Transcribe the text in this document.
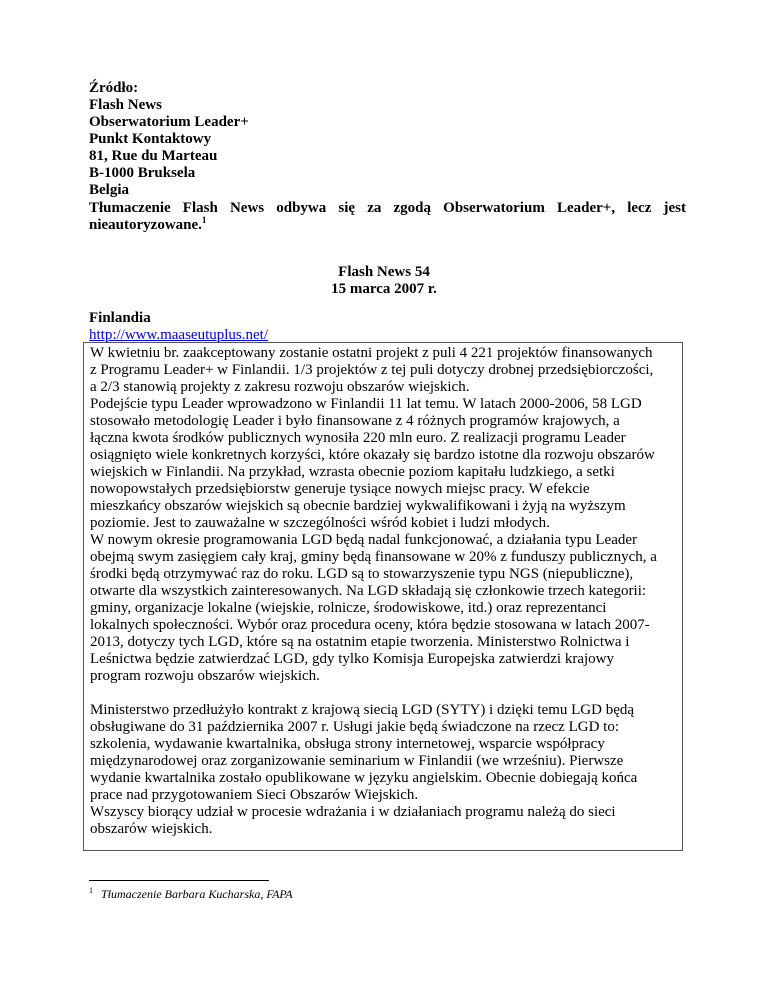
Źródło:
Flash News
Obserwatorium Leader+
Punkt Kontaktowy
81, Rue du Marteau
B-1000 Bruksela
Belgia
Tłumaczenie Flash News odbywa się za zgodą Obserwatorium Leader+, lecz jest nieautoryzowane.$^1$
Flash News 54
15 marca 2007 r.
Finlandia
http://www.maaseutuplus.net/

W kwietniu br. zaakceptowany zostanie ostatni projekt z puli 4 221 projektów finansowanych
z Programu Leader+ w Finlandii. 1/3 projektów z tej puli dotyczy drobnej przedsiębiorczości,
a 2/3 stanowią projekty z zakresu rozwoju obszarów wiejskich.
Podejście typu Leader wprowadzono w Finlandii 11 lat temu. W latach 2000-2006, 58 LGD
stosowało metodologię Leader i było finansowane z 4 różnych programów krajowych, a
łączna kwota środków publicznych wynosiła 220 mln euro. Z realizacji programu Leader
osiągnięto wiele konkretnych korzyści, które okazały się bardzo istotne dla rozwoju obszarów
wiejskich w Finlandii. Na przykład, wzrasta obecnie poziom kapitału ludzkiego, a setki
nowopowstałych przedsiębiorstw generuje tysiące nowych miejsc pracy. W efekcie
mieszkańcy obszarów wiejskich są obecnie bardziej wykwalifikowani i żyją na wyższym
poziomie. Jest to zauważalne w szczególności wśród kobiet i ludzi młodych.
W nowym okresie programowania LGD będą nadal funkcjonować, a działania typu Leader
obejmą swym zasięgiem cały kraj, gminy będą finansowane w 20% z funduszy publicznych, a
środki będą otrzymywać raz do roku. LGD są to stowarzyszenie typu NGS (niepubliczne),
otwarte dla wszystkich zainteresowanych. Na LGD składają się członkowie trzech kategorii:
gminy, organizacje lokalne (wiejskie, rolnicze, środowiskowe, itd.) oraz reprezentanci
lokalnych społeczności. Wybór oraz procedura oceny, która będzie stosowana w latach 2007-
2013, dotyczy tych LGD, które są na ostatnim etapie tworzenia. Ministerstwo Rolnictwa i
Leśnictwa będzie zatwierdzać LGD, gdy tylko Komisja Europejska zatwierdzi krajowy
program rozwoju obszarów wiejskich.

Ministerstwo przedłużyło kontrakt z krajową siecią LGD (SYTY) i dzięki temu LGD będą
obsługiwane do 31 października 2007 r. Usługi jakie będą świadczone na rzecz LGD to:
szkolenia, wydawanie kwartalnika, obsługa strony internetowej, wsparcie współpracy
międzynarodowej oraz zorganizowanie seminarium w Finlandii (we wrześniu). Pierwsze
wydanie kwartalnika zostało opublikowane w języku angielskim. Obecnie dobiegają końca
prace nad przygotowaniem Sieci Obszarów Wiejskich.
Wszyscy biorący udział w procesie wdrażania i w działaniach programu należą do sieci
obszarów wiejskich.

$^1$ Tłumaczenie Barbara Kucharska, FAPA
